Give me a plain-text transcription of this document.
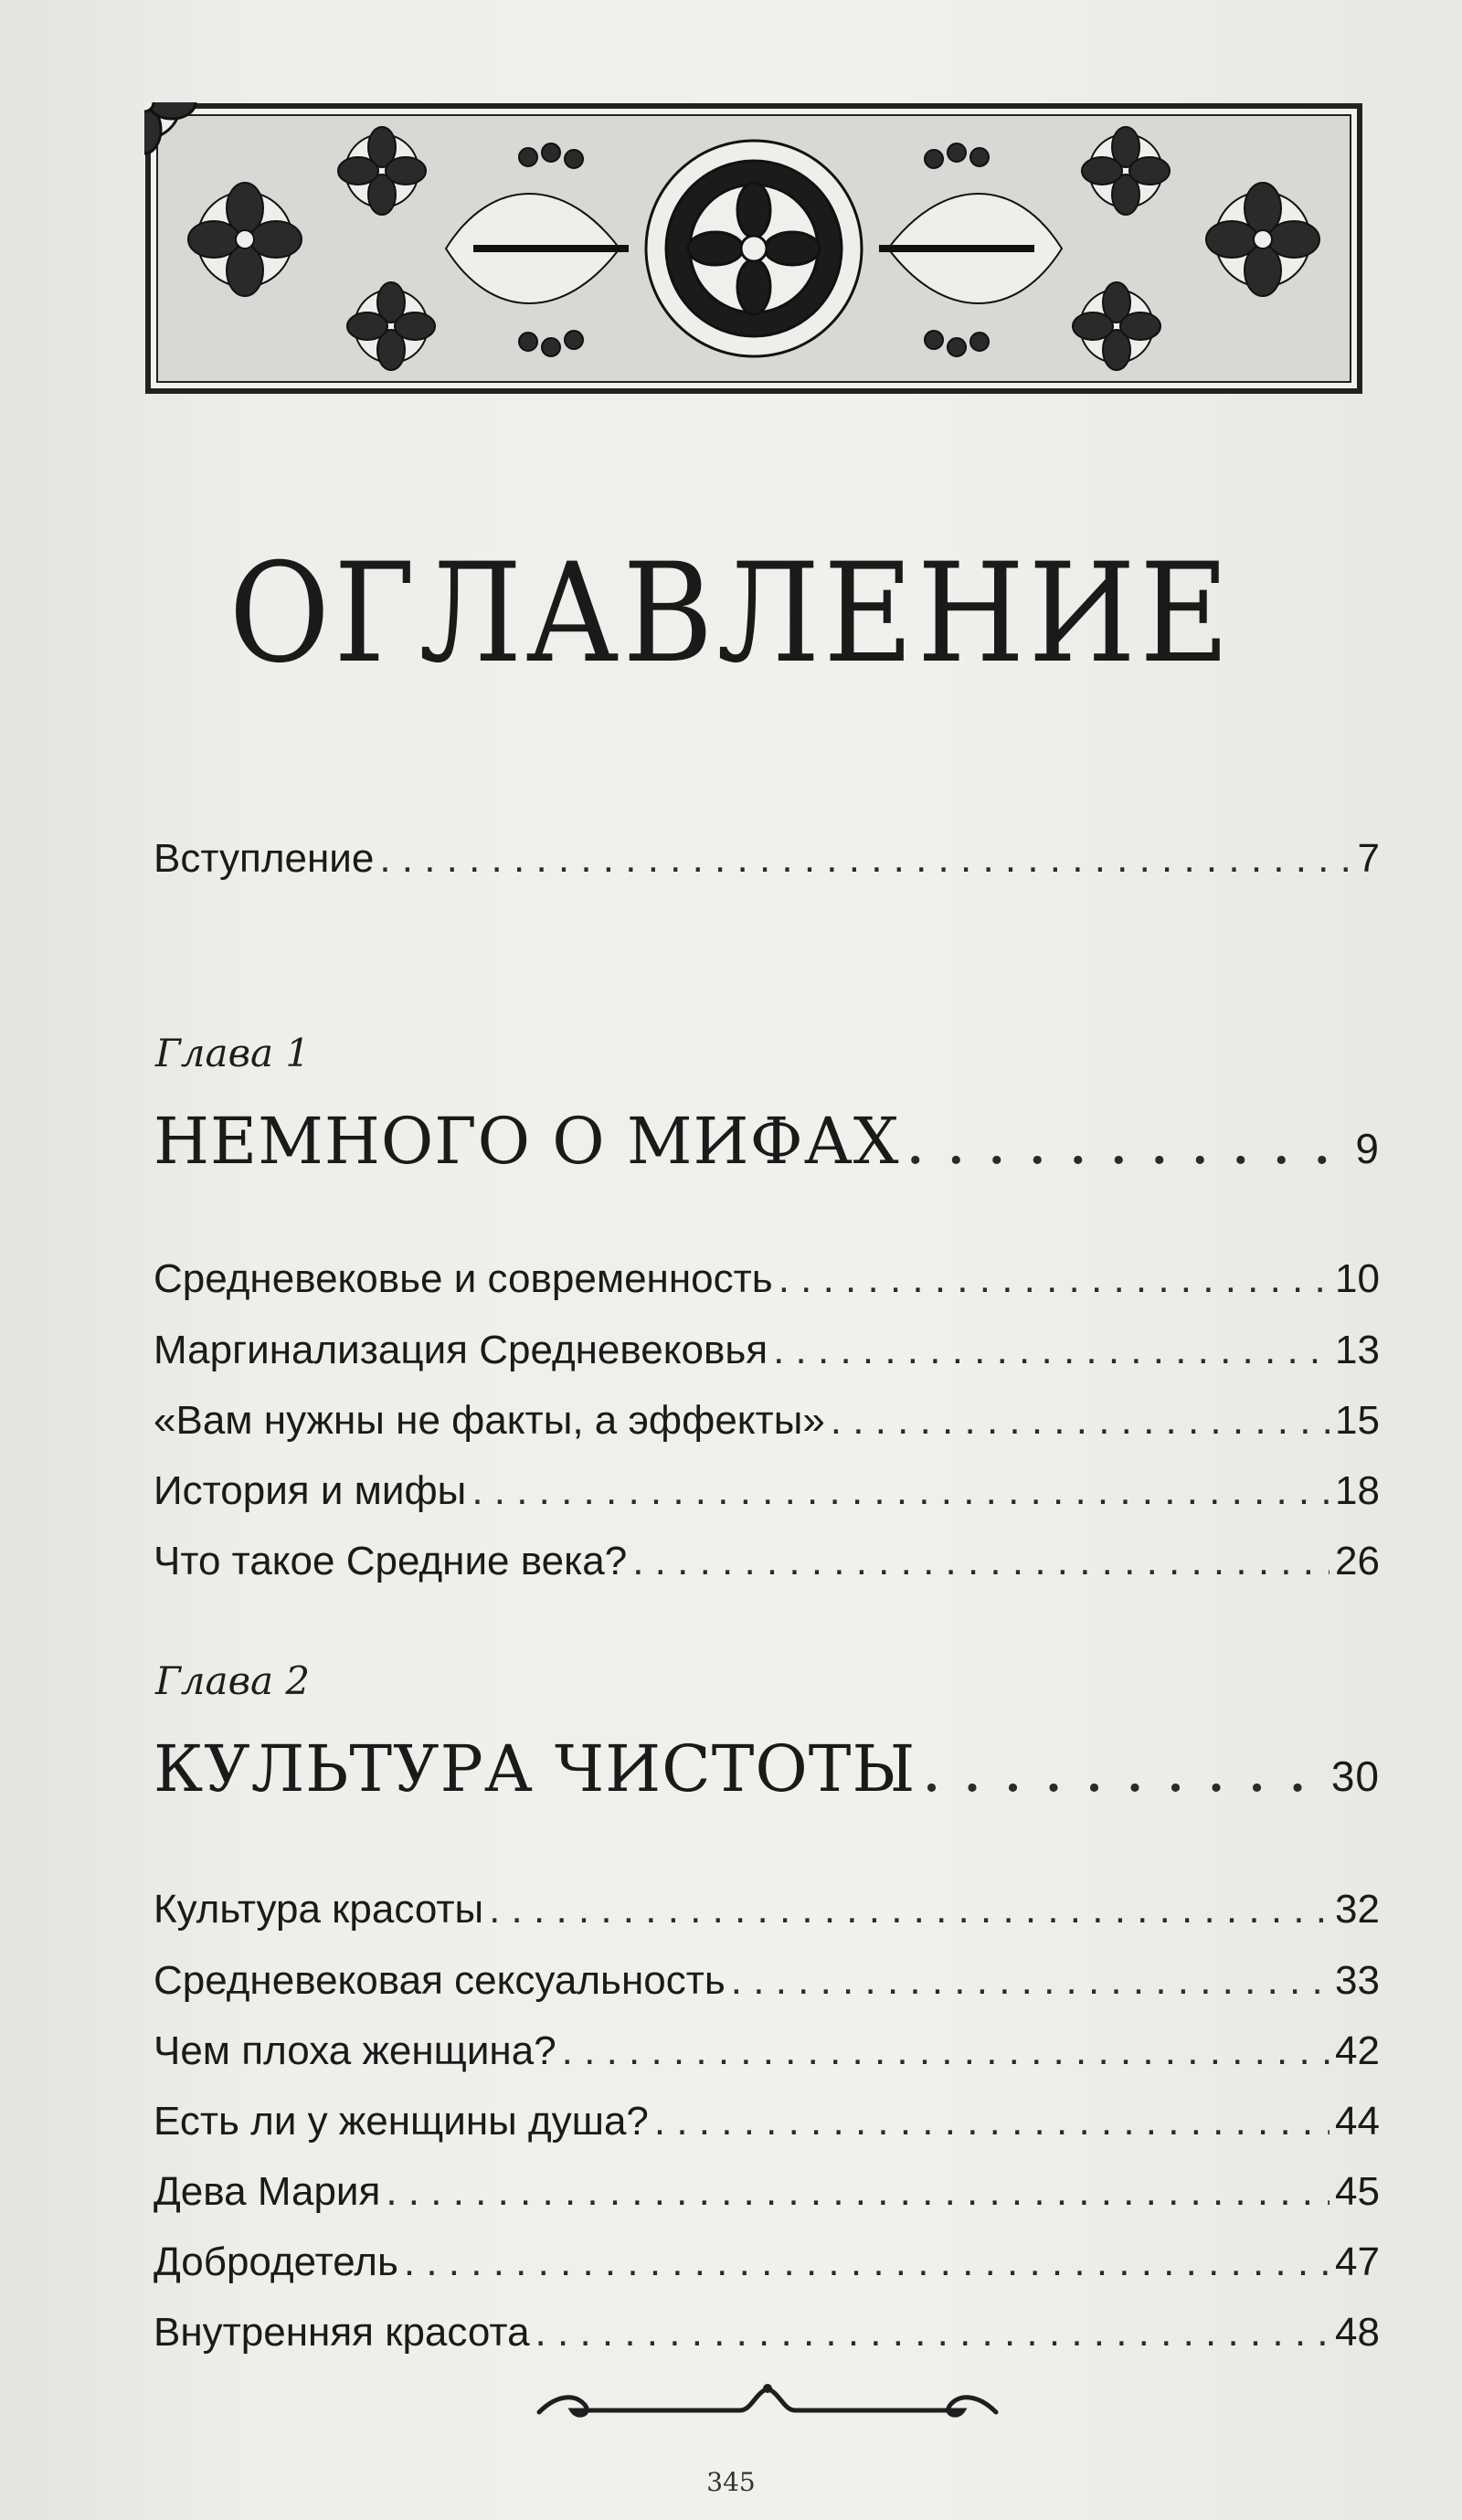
ОГЛАВЛЕНИЕ
Вступление . . .	7
Глава 1
НЕМНОГО О МИФАХ . . .	9
Средневековье и современность . . .	10
Маргинализация Средневековья . . .	13
«Вам нужны не факты, а эффекты» . . .	15
История и мифы . . .	18
Что такое Средние века? . . .	26
Глава 2
КУЛЬТУРА ЧИСТОТЫ . . .	30
Культура красоты . . .	32
Средневековая сексуальность . . .	33
Чем плоха женщина? . . .	42
Есть ли у женщины душа? . . .	44
Дева Мария . . .	45
Добродетель . . .	47
Внутренняя красота . . .	48
345
